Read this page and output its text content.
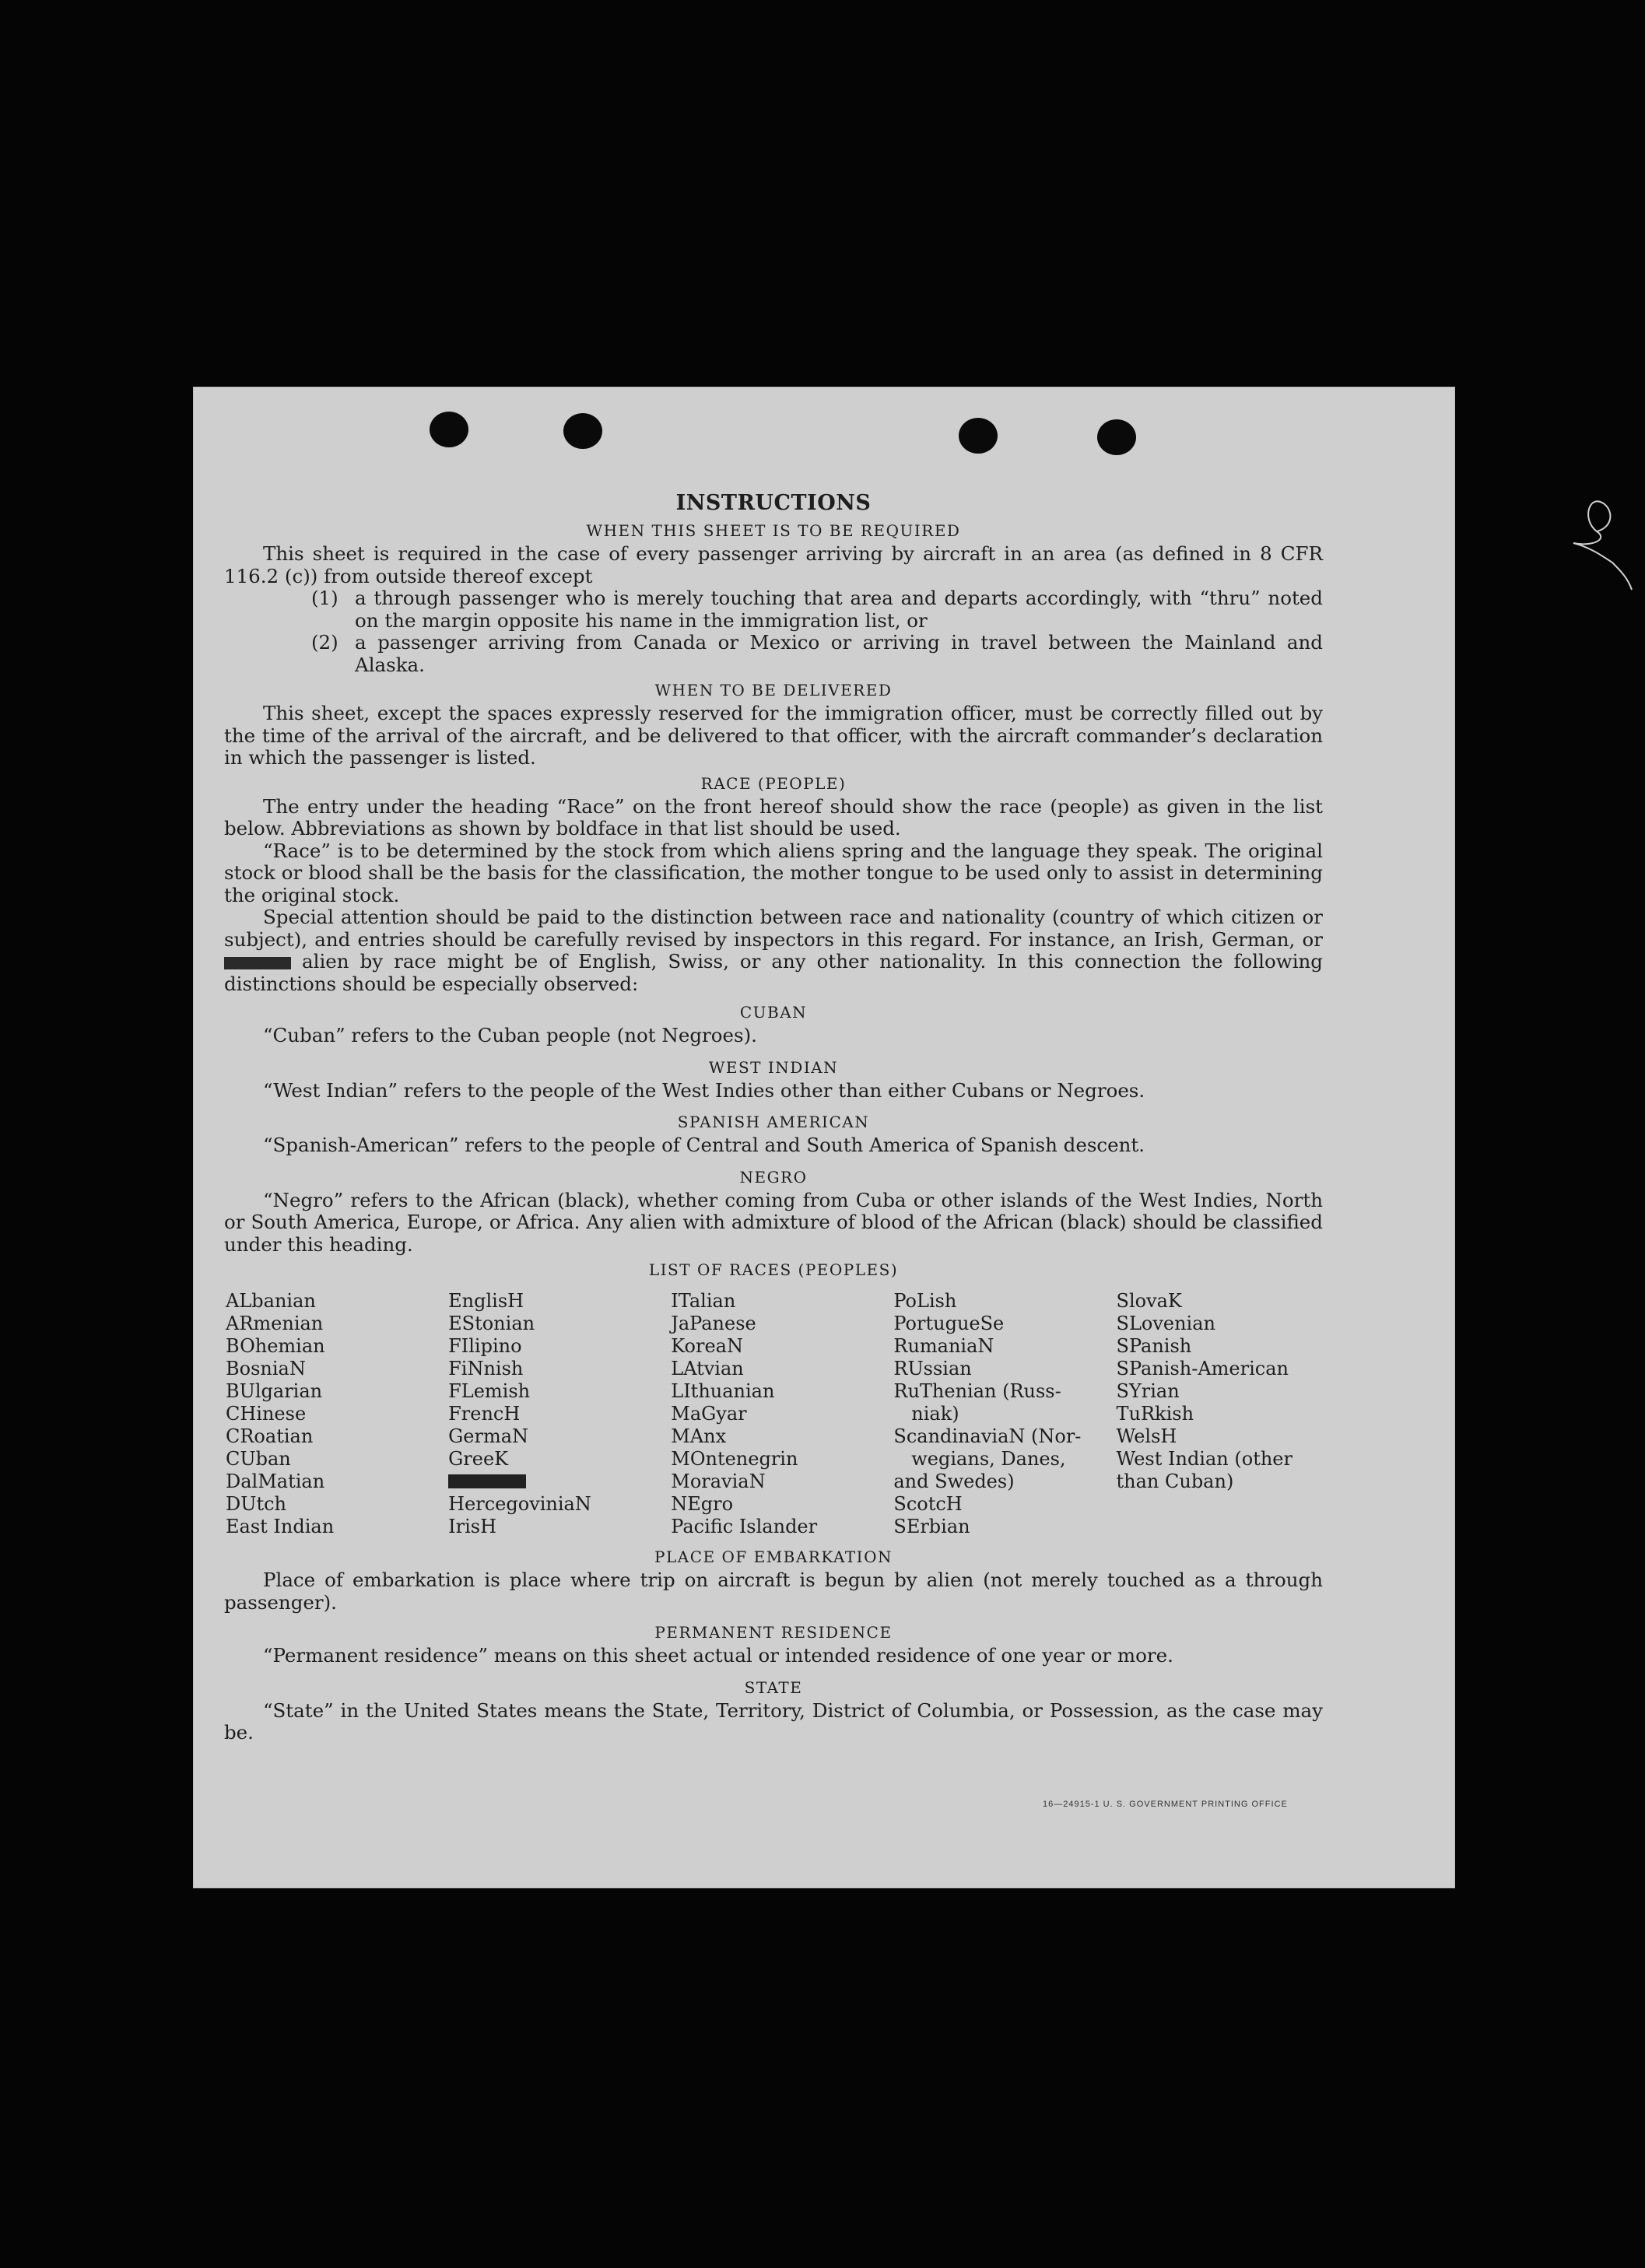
INSTRUCTIONS
WHEN THIS SHEET IS TO BE REQUIRED

This sheet is required in the case of every passenger arriving by aircraft in an area (as defined in 8 CFR 116.2 (c)) from outside thereof except

(1) a through passenger who is merely touching that area and departs accordingly, with “thru” noted on the margin opposite his name in the immigration list, or
(2) a passenger arriving from Canada or Mexico or arriving in travel between the Mainland and Alaska.
WHEN TO BE DELIVERED

This sheet, except the spaces expressly reserved for the immigration officer, must be correctly filled out by the time of the arrival of the aircraft, and be delivered to that officer, with the aircraft commander’s declaration in which the passenger is listed.

RACE (PEOPLE)

The entry under the heading “Race” on the front hereof should show the race (people) as given in the list below. Abbreviations as shown by boldface in that list should be used.

“Race” is to be determined by the stock from which aliens spring and the language they speak. The original stock or blood shall be the basis for the classification, the mother tongue to be used only to assist in determining the original stock.

Special attention should be paid to the distinction between race and nationality (country of which citizen or subject), and entries should be carefully revised by inspectors in this regard. For instance, an Irish, German, or  alien by race might be of English, Swiss, or any other nationality. In this connection the following distinctions should be especially observed:

CUBAN

“Cuban” refers to the Cuban people (not Negroes).

WEST INDIAN

“West Indian” refers to the people of the West Indies other than either Cubans or Negroes.

SPANISH AMERICAN

“Spanish-American” refers to the people of Central and South America of Spanish descent.

NEGRO

“Negro” refers to the African (black), whether coming from Cuba or other islands of the West Indies, North or South America, Europe, or Africa. Any alien with admixture of blood of the African (black) should be classified under this heading.

LIST OF RACES (PEOPLES)
ALbanian
ARmenian
BOhemian
BosniaN
BUlgarian
CHinese
CRoatian
CUban
DalMatian
DUtch
East Indian
EnglisH
EStonian
FIlipino
FiNnish
FLemish
FrencH
GermaN
GreeK
HercegoviniaN
IrisH
ITalian
JaPanese
KoreaN
LAtvian
LIthuanian
MaGyar
MAnx
MOntenegrin
MoraviaN
NEgro
Pacific Islander
PoLish
PortugueSe
RumaniaN
RUssian
RuThenian (Russ-   niak)
ScandinaviaN (Nor-   wegians, Danes, and Swedes)
ScotcH
SErbian
SlovaK
SLovenian
SPanish
SPanish-American
SYrian
TuRkish
WelsH
West Indian (other than Cuban)
PLACE OF EMBARKATION

Place of embarkation is place where trip on aircraft is begun by alien (not merely touched as a through passenger).

PERMANENT RESIDENCE

“Permanent residence” means on this sheet actual or intended residence of one year or more.

STATE

“State” in the United States means the State, Territory, District of Columbia, or Possession, as the case may be.

16—24915-1 U. S. GOVERNMENT PRINTING OFFICE
